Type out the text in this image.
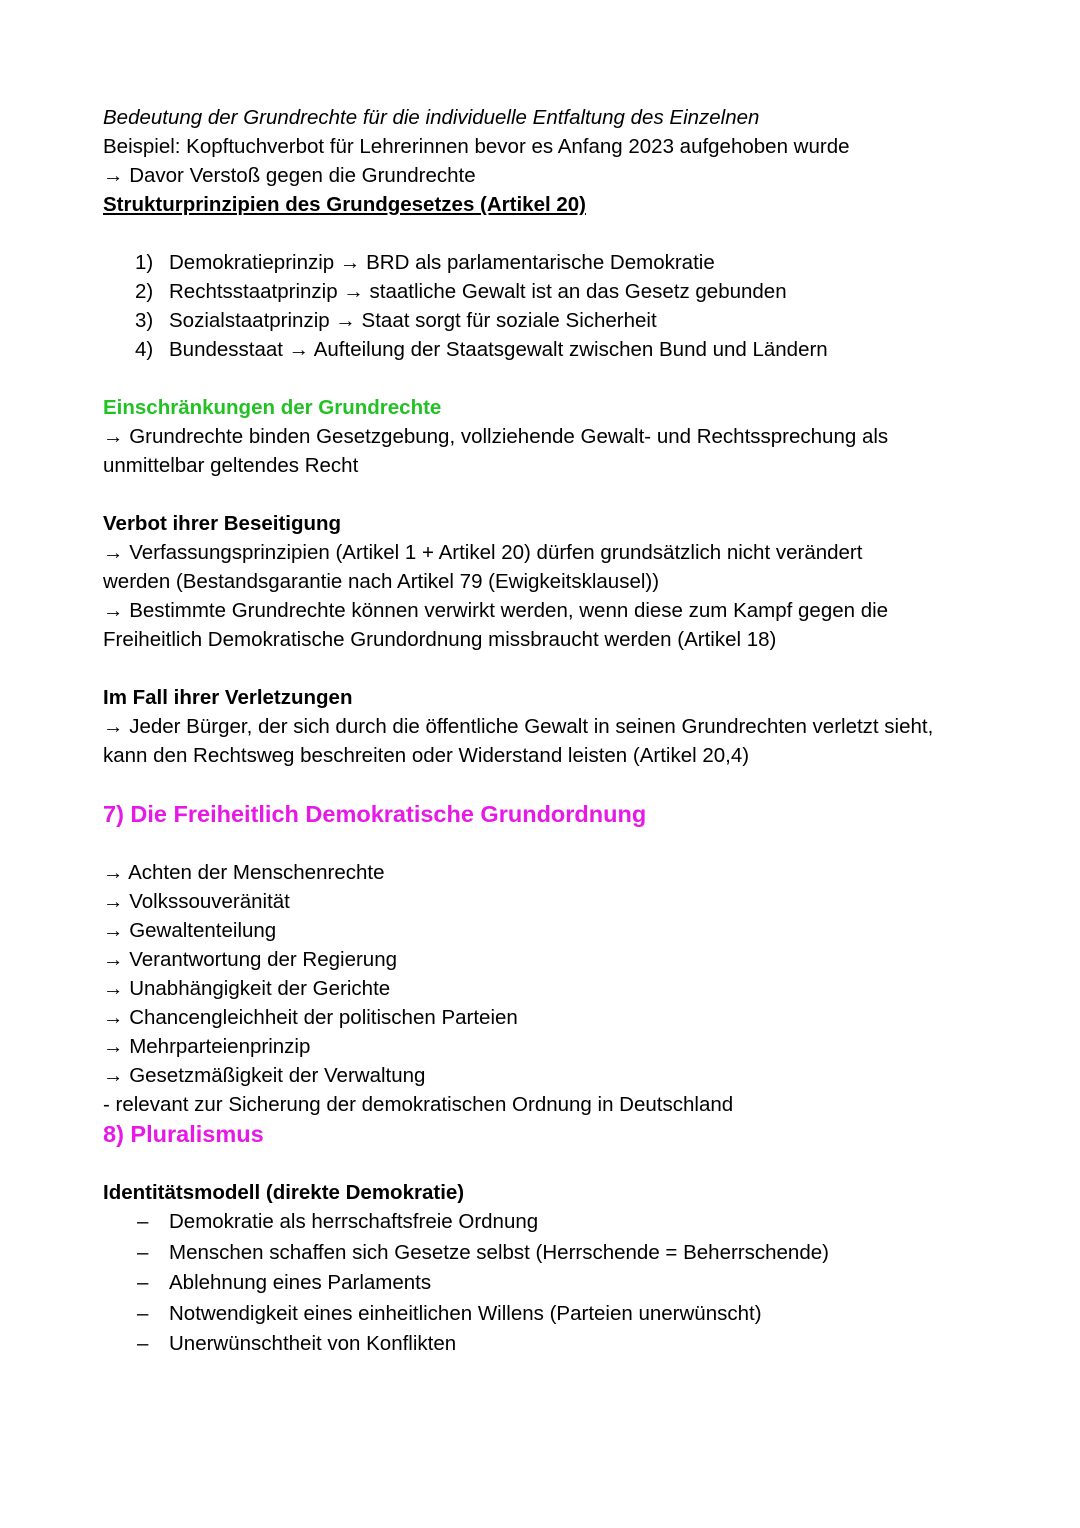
Bedeutung der Grundrechte für die individuelle Entfaltung des Einzelnen
Beispiel: Kopftuchverbot für Lehrerinnen bevor es Anfang 2023 aufgehoben wurde
→ Davor Verstoß gegen die Grundrechte
Strukturprinzipien des Grundgesetzes (Artikel 20)
1) Demokratieprinzip → BRD als parlamentarische Demokratie
2) Rechtsstaatprinzip → staatliche Gewalt ist an das Gesetz gebunden
3) Sozialstaatprinzip → Staat sorgt für soziale Sicherheit
4) Bundesstaat → Aufteilung der Staatsgewalt zwischen Bund und Ländern
Einschränkungen der Grundrechte
→ Grundrechte binden Gesetzgebung, vollziehende Gewalt- und Rechtssprechung als
unmittelbar geltendes Recht
Verbot ihrer Beseitigung
→ Verfassungsprinzipien (Artikel 1 + Artikel 20) dürfen grundsätzlich nicht verändert
werden (Bestandsgarantie nach Artikel 79 (Ewigkeitsklausel))
→ Bestimmte Grundrechte können verwirkt werden, wenn diese zum Kampf gegen die
Freiheitlich Demokratische Grundordnung missbraucht werden (Artikel 18)
Im Fall ihrer Verletzungen
→ Jeder Bürger, der sich durch die öffentliche Gewalt in seinen Grundrechten verletzt sieht,
kann den Rechtsweg beschreiten oder Widerstand leisten (Artikel 20,4)
7) Die Freiheitlich Demokratische Grundordnung
→ Achten der Menschenrechte
→ Volkssouveränität
→ Gewaltenteilung
→ Verantwortung der Regierung
→ Unabhängigkeit der Gerichte
→ Chancengleichheit der politischen Parteien
→ Mehrparteienprinzip
→ Gesetzmäßigkeit der Verwaltung
- relevant zur Sicherung der demokratischen Ordnung in Deutschland
8) Pluralismus
Identitätsmodell (direkte Demokratie)
– Demokratie als herrschaftsfreie Ordnung
– Menschen schaffen sich Gesetze selbst (Herrschende = Beherrschende)
– Ablehnung eines Parlaments
– Notwendigkeit eines einheitlichen Willens (Parteien unerwünscht)
– Unerwünschtheit von Konflikten
